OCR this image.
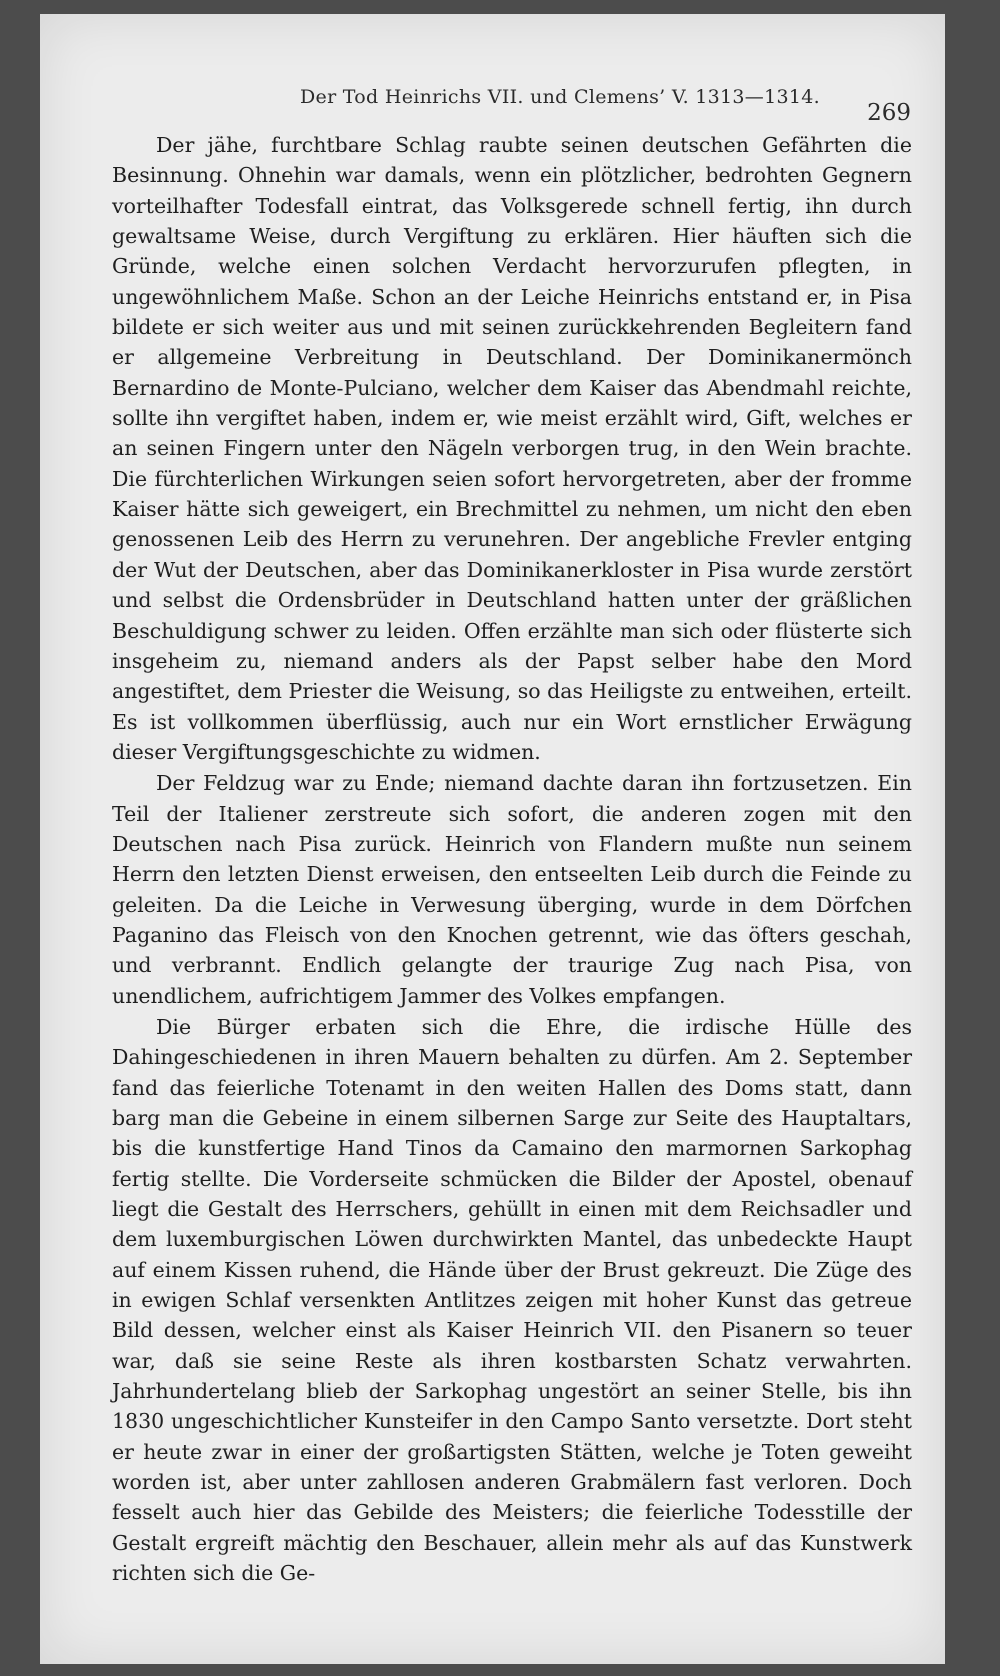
Der Tod Heinrichs VII. und Clemens’ V. 1313—1314.
269

Der jähe, furchtbare Schlag raubte seinen deutschen Gefährten die Besinnung. Ohnehin war damals, wenn ein plötzlicher, bedrohten Gegnern vorteilhafter Todesfall eintrat, das Volksgerede schnell fertig, ihn durch gewaltsame Weise, durch Vergiftung zu erklären. Hier häuften sich die Gründe, welche einen solchen Verdacht hervorzurufen pflegten, in ungewöhnlichem Maße. Schon an der Leiche Heinrichs entstand er, in Pisa bildete er sich weiter aus und mit seinen zurückkehrenden Begleitern fand er allgemeine Verbreitung in Deutschland. Der Dominikanermönch Bernardino de Monte-Pulciano, welcher dem Kaiser das Abendmahl reichte, sollte ihn vergiftet haben, indem er, wie meist erzählt wird, Gift, welches er an seinen Fingern unter den Nägeln verborgen trug, in den Wein brachte. Die fürchterlichen Wirkungen seien sofort hervorgetreten, aber der fromme Kaiser hätte sich geweigert, ein Brechmittel zu nehmen, um nicht den eben genossenen Leib des Herrn zu verunehren. Der angebliche Frevler entging der Wut der Deutschen, aber das Dominikanerkloster in Pisa wurde zerstört und selbst die Ordensbrüder in Deutschland hatten unter der gräßlichen Beschuldigung schwer zu leiden. Offen erzählte man sich oder flüsterte sich insgeheim zu, niemand anders als der Papst selber habe den Mord angestiftet, dem Priester die Weisung, so das Heiligste zu entweihen, erteilt. Es ist vollkommen überflüssig, auch nur ein Wort ernstlicher Erwägung dieser Vergiftungsgeschichte zu widmen.

Der Feldzug war zu Ende; niemand dachte daran ihn fortzusetzen. Ein Teil der Italiener zerstreute sich sofort, die anderen zogen mit den Deutschen nach Pisa zurück. Heinrich von Flandern mußte nun seinem Herrn den letzten Dienst erweisen, den entseelten Leib durch die Feinde zu geleiten. Da die Leiche in Verwesung überging, wurde in dem Dörfchen Paganino das Fleisch von den Knochen getrennt, wie das öfters geschah, und verbrannt. Endlich gelangte der traurige Zug nach Pisa, von unendlichem, aufrichtigem Jammer des Volkes empfangen.

Die Bürger erbaten sich die Ehre, die irdische Hülle des Dahingeschiedenen in ihren Mauern behalten zu dürfen. Am 2. September fand das feierliche Totenamt in den weiten Hallen des Doms statt, dann barg man die Gebeine in einem silbernen Sarge zur Seite des Hauptaltars, bis die kunstfertige Hand Tinos da Camaino den marmornen Sarkophag fertig stellte. Die Vorderseite schmücken die Bilder der Apostel, obenauf liegt die Gestalt des Herrschers, gehüllt in einen mit dem Reichsadler und dem luxemburgischen Löwen durchwirkten Mantel, das unbedeckte Haupt auf einem Kissen ruhend, die Hände über der Brust gekreuzt. Die Züge des in ewigen Schlaf versenkten Antlitzes zeigen mit hoher Kunst das getreue Bild dessen, welcher einst als Kaiser Heinrich VII. den Pisanern so teuer war, daß sie seine Reste als ihren kostbarsten Schatz verwahrten. Jahrhundertelang blieb der Sarkophag ungestört an seiner Stelle, bis ihn 1830 ungeschichtlicher Kunsteifer in den Campo Santo versetzte. Dort steht er heute zwar in einer der großartigsten Stätten, welche je Toten geweiht worden ist, aber unter zahllosen anderen Grabmälern fast verloren. Doch fesselt auch hier das Gebilde des Meisters; die feierliche Todesstille der Gestalt ergreift mächtig den Beschauer, allein mehr als auf das Kunstwerk richten sich die Ge-
